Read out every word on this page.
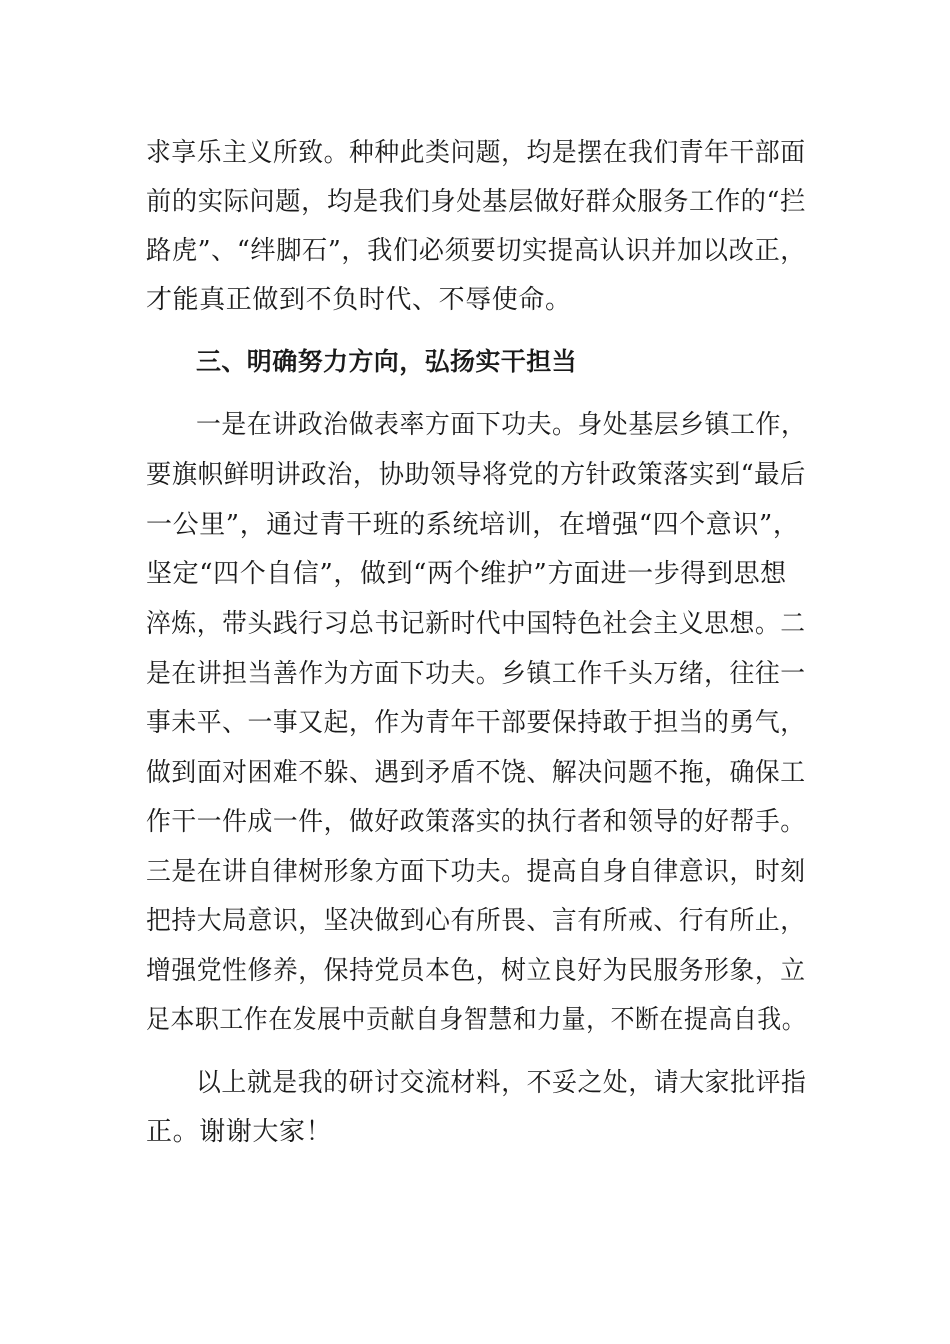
求享乐主义所致。种种此类问题，均是摆在我们青年干部面

前的实际问题，均是我们身处基层做好群众服务工作的“拦

路虎”、“绊脚石”，我们必须要切实提高认识并加以改正，

才能真正做到不负时代、不辱使命。

三、明确努力方向，弘扬实干担当

一是在讲政治做表率方面下功夫。身处基层乡镇工作，

要旗帜鲜明讲政治，协助领导将党的方针政策落实到“最后

一公里”，通过青干班的系统培训，在增强“四个意识”，

坚定“四个自信”，做到“两个维护”方面进一步得到思想

淬炼，带头践行习总书记新时代中国特色社会主义思想。二

是在讲担当善作为方面下功夫。乡镇工作千头万绪，往往一

事未平、一事又起，作为青年干部要保持敢于担当的勇气，

做到面对困难不躲、遇到矛盾不饶、解决问题不拖，确保工

作干一件成一件，做好政策落实的执行者和领导的好帮手。

三是在讲自律树形象方面下功夫。提高自身自律意识，时刻

把持大局意识，坚决做到心有所畏、言有所戒、行有所止，

增强党性修养，保持党员本色，树立良好为民服务形象，立

足本职工作在发展中贡献自身智慧和力量，不断在提高自我。

以上就是我的研讨交流材料，不妥之处，请大家批评指

正。谢谢大家！
